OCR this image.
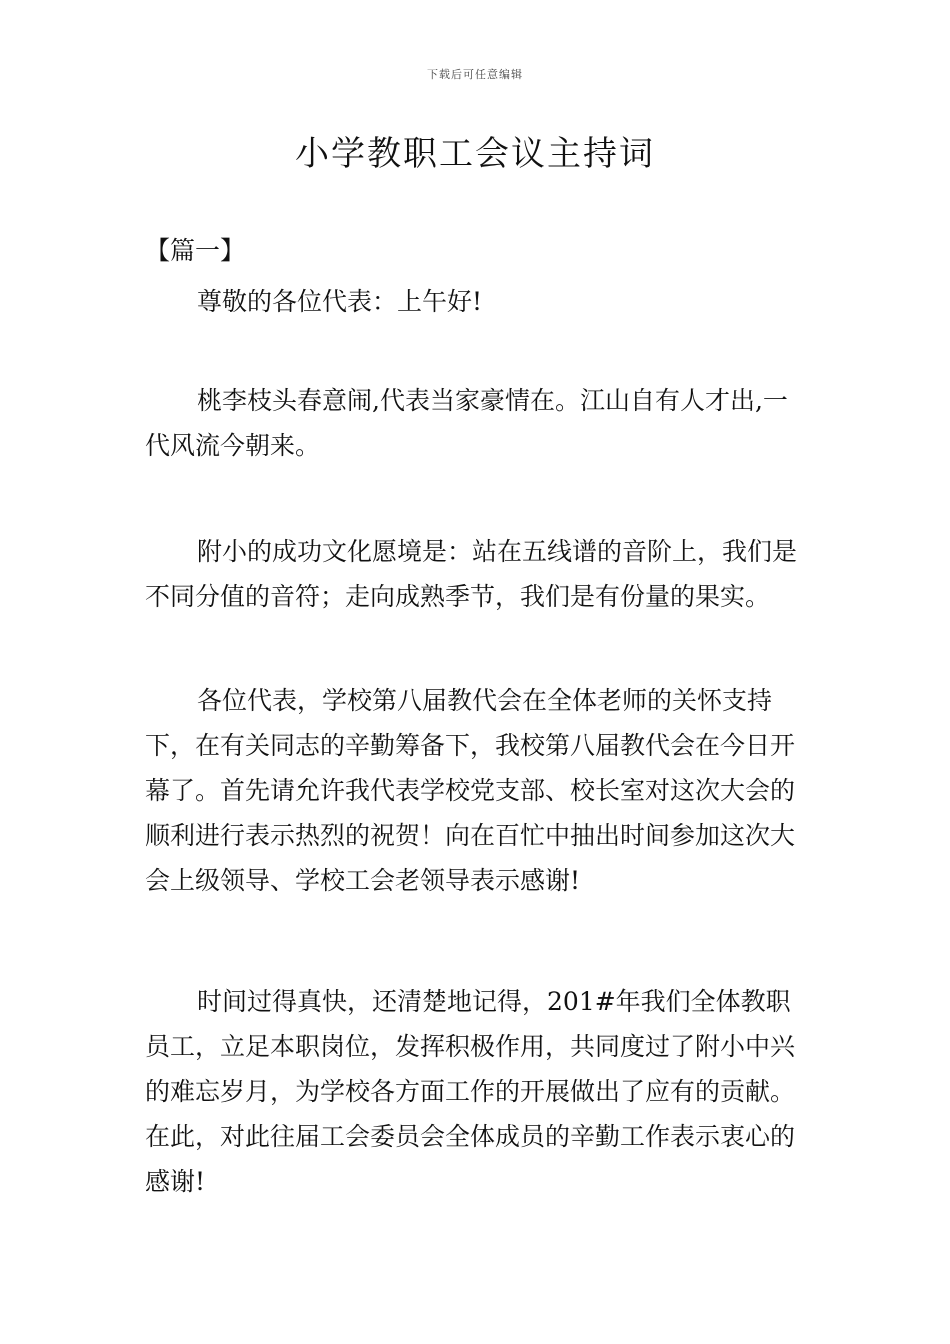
下载后可任意编辑
小学教职工会议主持词
【篇一】
尊敬的各位代表：上午好!

桃李枝头春意闹,代表当家豪情在。江山自有人才出,一代风流今朝来。

附小的成功文化愿境是：站在五线谱的音阶上，我们是不同分值的音符；走向成熟季节，我们是有份量的果实。

各位代表，学校第八届教代会在全体老师的关怀支持下，在有关同志的辛勤筹备下，我校第八届教代会在今日开幕了。首先请允许我代表学校党支部、校长室对这次大会的顺利进行表示热烈的祝贺！向在百忙中抽出时间参加这次大会上级领导、学校工会老领导表示感谢!

时间过得真快，还清楚地记得，201#年我们全体教职员工，立足本职岗位，发挥积极作用，共同度过了附小中兴的难忘岁月，为学校各方面工作的开展做出了应有的贡献。在此，对此往届工会委员会全体成员的辛勤工作表示衷心的感谢!
